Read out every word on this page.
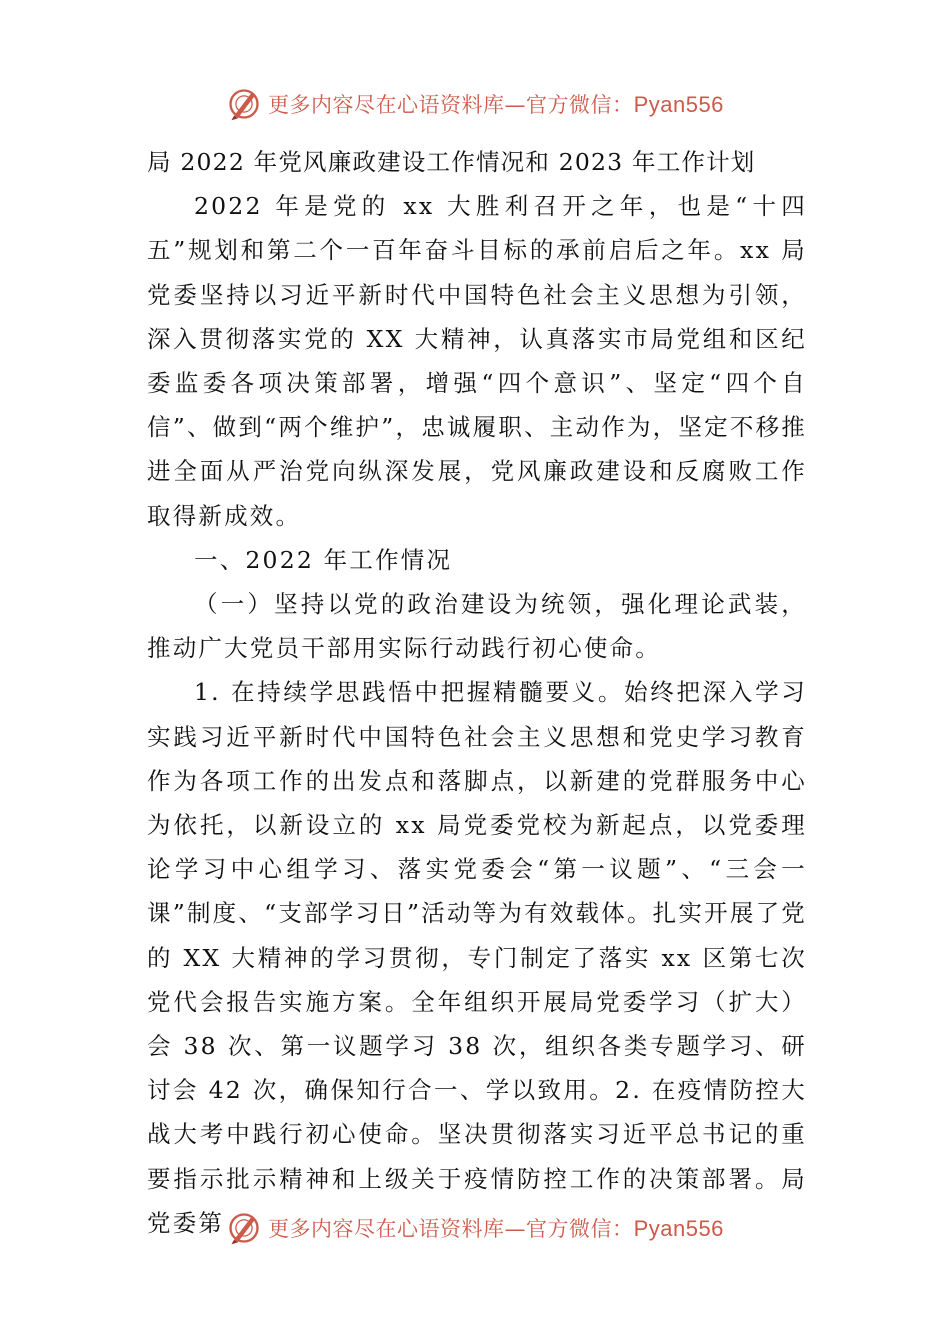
更多内容尽在心语资料库—官方微信：Pyan556

局 2022 年党风廉政建设工作情况和 2023 年工作计划

2022 年是党的 xx 大胜利召开之年，也是“十四五”规划和第二个一百年奋斗目标的承前启后之年。xx 局党委坚持以习近平新时代中国特色社会主义思想为引领，深入贯彻落实党的 XX 大精神，认真落实市局党组和区纪委监委各项决策部署，增强“四个意识”、坚定“四个自信”、做到“两个维护”，忠诚履职、主动作为，坚定不移推进全面从严治党向纵深发展，党风廉政建设和反腐败工作取得新成效。

一、2022 年工作情况

（一）坚持以党的政治建设为统领，强化理论武装，推动广大党员干部用实际行动践行初心使命。

1. 在持续学思践悟中把握精髓要义。始终把深入学习实践习近平新时代中国特色社会主义思想和党史学习教育作为各项工作的出发点和落脚点，以新建的党群服务中心为依托，以新设立的 xx 局党委党校为新起点，以党委理论学习中心组学习、落实党委会“第一议题”、“三会一课”制度、“支部学习日”活动等为有效载体。扎实开展了党的 XX 大精神的学习贯彻，专门制定了落实 xx 区第七次党代会报告实施方案。全年组织开展局党委学习（扩大）会 38 次、第一议题学习 38 次，组织各类专题学习、研讨会 42 次，确保知行合一、学以致用。2. 在疫情防控大战大考中践行初心使命。坚决贯彻落实习近平总书记的重要指示批示精神和上级关于疫情防控工作的决策部署。局党委第	更多内容尽在心语资料库—官方微信：Pyan556
